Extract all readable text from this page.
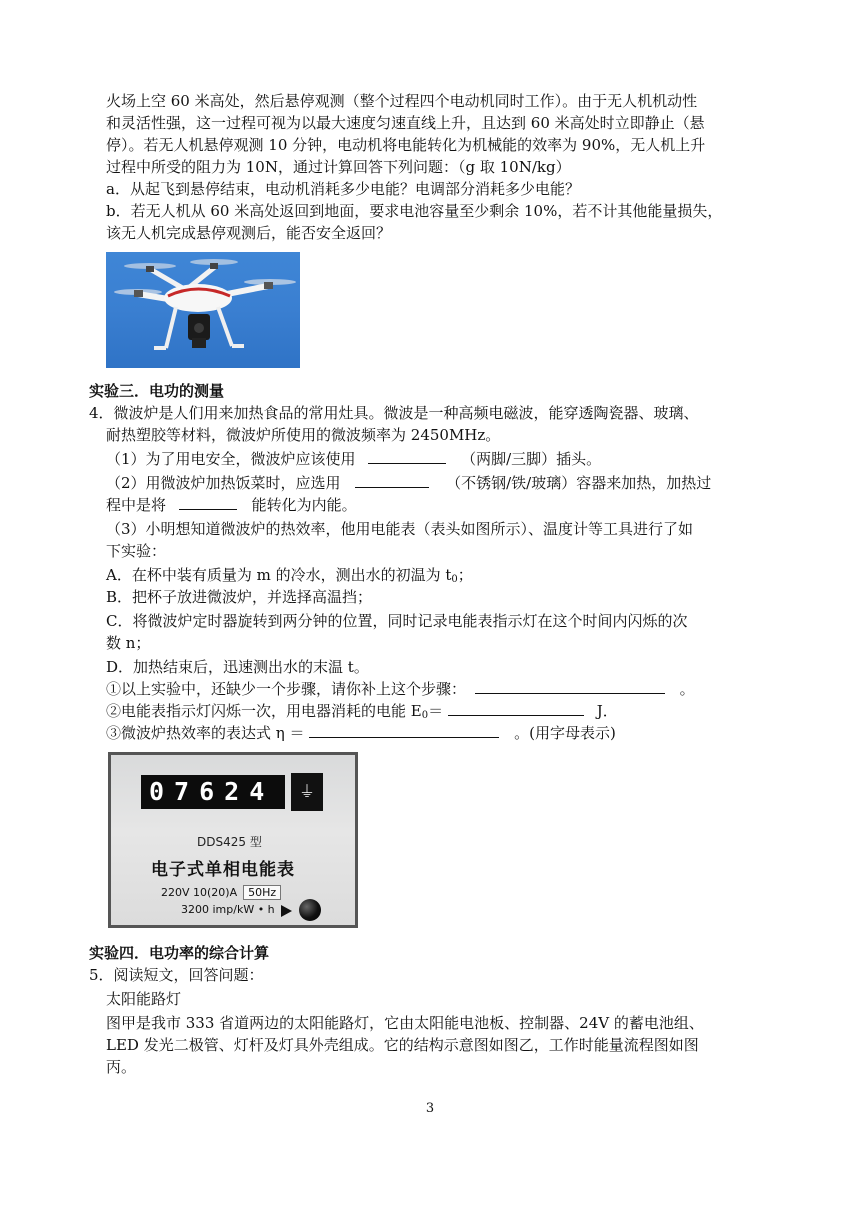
火场上空 60 米高处，然后悬停观测（整个过程四个电动机同时工作）。由于无人机机动性
和灵活性强，这一过程可视为以最大速度匀速直线上升，且达到 60 米高处时立即静止（悬
停）。若无人机悬停观测 10 分钟，电动机将电能转化为机械能的效率为 90%，无人机上升
过程中所受的阻力为 10N，通过计算回答下列问题：（g 取 10N/kg）
a．从起飞到悬停结束，电动机消耗多少电能？电调部分消耗多少电能？
b．若无人机从 60 米高处返回到地面，要求电池容量至少剩余 10%，若不计其他能量损失，
该无人机完成悬停观测后，能否安全返回？
实验三．电功的测量
4．微波炉是人们用来加热食品的常用灶具。微波是一种高频电磁波，能穿透陶瓷器、玻璃、
耐热塑胶等材料，微波炉所使用的微波频率为 2450MHz。
（1）为了用电安全，微波炉应该使用	（两脚/三脚）插头。
（2）用微波炉加热饭菜时，应选用	（不锈钢/铁/玻璃）容器来加热，加热过
程中是将	能转化为内能。
（3）小明想知道微波炉的热效率，他用电能表（表头如图所示）、温度计等工具进行了如
下实验：
A．在杯中装有质量为 m 的冷水，测出水的初温为 $t_0$；
B．把杯子放进微波炉，并选择高温挡；
C．将微波炉定时器旋转到两分钟的位置，同时记录电能表指示灯在这个时间内闪烁的次
数 n；
D．加热结束后，迅速测出水的末温 t。
①以上实验中，还缺少一个步骤，请你补上这个步骤：	。
②电能表指示灯闪烁一次，用电器消耗的电能 $E_0=$	J．
③微波炉热效率的表达式 η ＝	。(用字母表示)
07624	⏚
DDS425 型
电子式单相电能表
220V 10(20)A 50Hz
3200 imp/kW • h
实验四．电功率的综合计算
5．阅读短文，回答问题：
太阳能路灯
图甲是我市 333 省道两边的太阳能路灯，它由太阳能电池板、控制器、24V 的蓄电池组、
LED 发光二极管、灯杆及灯具外壳组成。它的结构示意图如图乙，工作时能量流程图如图
丙。
3
